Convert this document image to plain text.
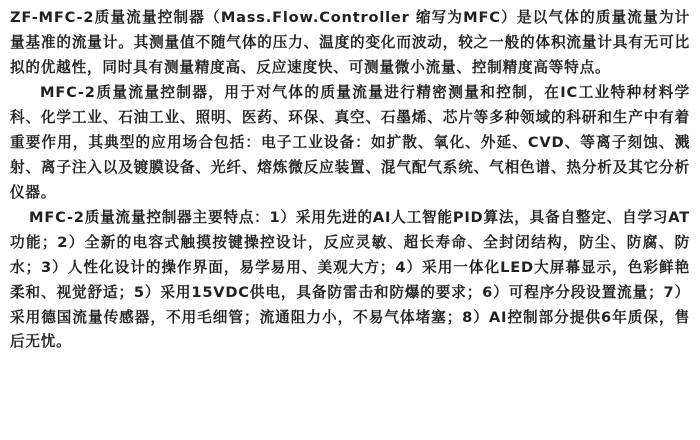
ZF-MFC-2质量流量控制器（Mass.Flow.Controller 缩写为MFC）是以气体的质量流量为计量基准的流量计。其测量值不随气体的压力、温度的变化而波动，较之一般的体积流量计具有无可比拟的优越性，同时具有测量精度高、反应速度快、可测量微小流量、控制精度高等特点。

MFC-2质量流量控制器，用于对气体的质量流量进行精密测量和控制，在IC工业特种材料学科、化学工业、石油工业、照明、医药、环保、真空、石墨烯、芯片等多种领域的科研和生产中有着重要作用，其典型的应用场合包括：电子工业设备：如扩散、氧化、外延、CVD、等离子刻蚀、溅射、离子注入以及镀膜设备、光纤、熔炼微反应装置、混气配气系统、气相色谱、热分析及其它分析仪器。

MFC-2质量流量控制器主要特点：1）采用先进的AI人工智能PID算法，具备自整定、自学习AT功能；2）全新的电容式触摸按键操控设计，反应灵敏、超长寿命、全封闭结构，防尘、防腐、防水；3）人性化设计的操作界面，易学易用、美观大方；4）采用一体化LED大屏幕显示，色彩鲜艳柔和、视觉舒适；5）采用15VDC供电，具备防雷击和防爆的要求；6）可程序分段设置流量；7）采用德国流量传感器，不用毛细管；流通阻力小，不易气体堵塞；8）AI控制部分提供6年质保，售后无忧。
